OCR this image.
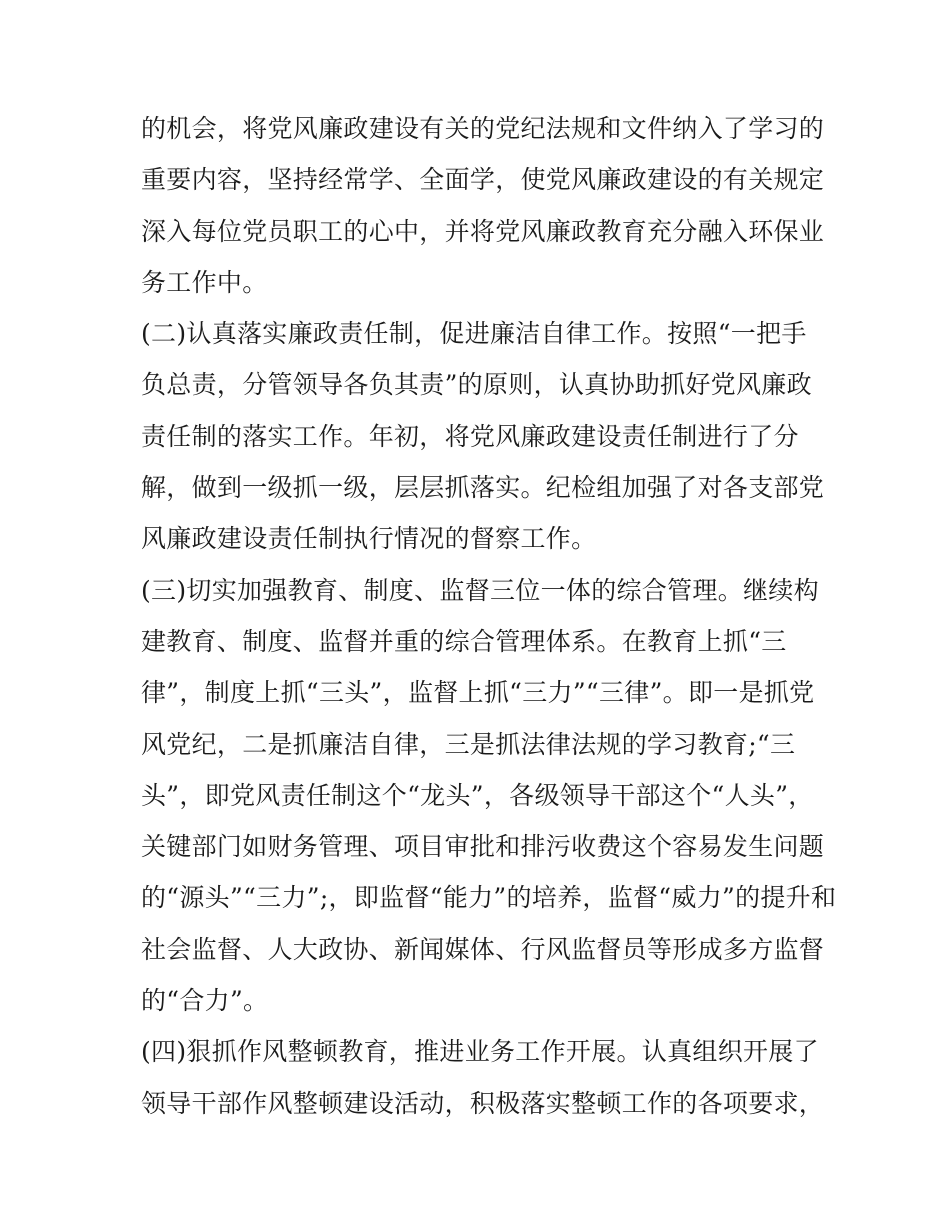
的机会，将党风廉政建设有关的党纪法规和文件纳入了学习的
重要内容，坚持经常学、全面学，使党风廉政建设的有关规定
深入每位党员职工的心中，并将党风廉政教育充分融入环保业
务工作中。
(二)认真落实廉政责任制，促进廉洁自律工作。按照“一把手
负总责，分管领导各负其责”的原则，认真协助抓好党风廉政
责任制的落实工作。年初，将党风廉政建设责任制进行了分
解，做到一级抓一级，层层抓落实。纪检组加强了对各支部党
风廉政建设责任制执行情况的督察工作。
(三)切实加强教育、制度、监督三位一体的综合管理。继续构
建教育、制度、监督并重的综合管理体系。在教育上抓“三
律”，制度上抓“三头”，监督上抓“三力”“三律”。即一是抓党
风党纪，二是抓廉洁自律，三是抓法律法规的学习教育;“三
头”，即党风责任制这个“龙头”，各级领导干部这个“人头”，
关键部门如财务管理、项目审批和排污收费这个容易发生问题
的“源头”“三力”;，即监督“能力”的培养，监督“威力”的提升和
社会监督、人大政协、新闻媒体、行风监督员等形成多方监督
的“合力”。
(四)狠抓作风整顿教育，推进业务工作开展。认真组织开展了
领导干部作风整顿建设活动，积极落实整顿工作的各项要求，
